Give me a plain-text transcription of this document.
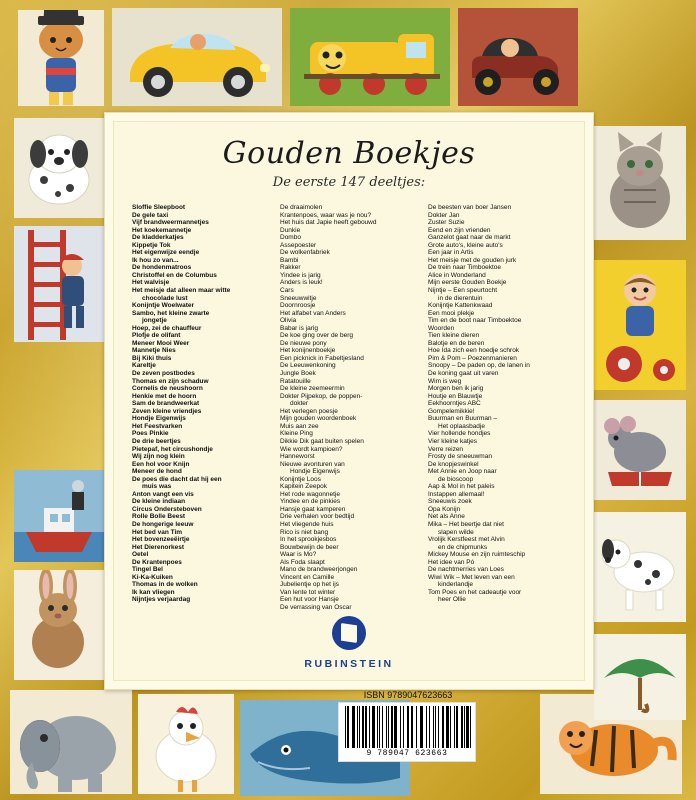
Gouden Boekjes
De eerste 147 deeltjes:
Sloffie Sleepboot
De gele taxi
Vijf brandweermannetjes
Het koekemannetje
De kladderkatjes
Kippetje Tok
Het eigenwijze eendje
Ik hou zo van...
De hondenmatroos
Christoffel en de Columbus
Het walvisje
Het meisje dat alleen maar witte
chocolade lust
Konijntje Woelwater
Sambo, het kleine zwarte
jongetje
Hoep, zei de chauffeur
Plofje de olifant
Meneer Mooi Weer
Mannetje Nies
Bij Kiki thuis
Kareltje
De zeven postbodes
Thomas en zijn schaduw
Cornelis de neushoorn
Henkie met de hoorn
Sam de brandweerkat
Zeven kleine vriendjes
Hondje Eigenwijs
Het Feestvarken
Poes Pinkie
De drie beertjes
Pietepaf, het circushondje
Wij zijn nog klein
Een hol voor Knijn
Meneer de hond
De poes die dacht dat hij een
muis was
Anton vangt een vis
De kleine indiaan
Circus Ondersteboven
Rolle Bolle Beest
De hongerige leeuw
Het bed van Tim
Het bovenzeeëirtje
Het Dierenorkest
Oetel
De Krantenpoes
Tingel Bel
Ki-Ka-Kuiken
Thomas in de wolken
Ik kan vliegen
Nijntjes verjaardag
De draaimolen
Krantenpoes, waar was je nou?
Het huis dat Japie heeft gebouwd
Dunkie
Dombo
Assepoester
De wolkenfabriek
Bambi
Rakker
Yindee is jarig
Anders is leuk!
Cars
Sneeuwwitje
Doornroosje
Het alfabet van Anders
Olivia
Babar is jarig
De koe ging over de berg
De nieuwe pony
Het konijnenboekje
Een picknick in Fabeltjesland
De Leeuwenkoning
Jungle Boek
Ratatouille
De kleine zeemeermin
Dokter Pijpekop, de poppen-
dokter
Het verlegen poesje
Mijn gouden woordenboek
Muis aan zee
Kleine Ping
Dikkie Dik gaat buiten spelen
Wie wordt kampioen?
Hanneworst
Nieuwe avonturen van
Hondje Eigenwijs
Konijntje Loos
Kapitein Zeepok
Het rode wagonnetje
Yindee en de pinkies
Hansje gaat kamperen
Drie verhalen voor bedtijd
Het vliegende huis
Rico is niet bang
In het sprookjesbos
Bouwbewijn de beer
Waar is Mo?
Als Foda slaapt
Mano de brandweerjongen
Vincent en Camille
Jubelientje op het ijs
Van lente tot winter
Een hut voor Hansje
De verrassing van Oscar
De beesten van boer Jansen
Dokter Jan
Zuster Suzie
Eend en zijn vrienden
Ganzelot gaat naar de markt
Grote auto's, kleine auto's
Een jaar in Artis
Het meisje met de gouden jurk
De trein naar Timboektoe
Alice in Wonderland
Mijn eerste Gouden Boekje
Nijntje – Een speurtocht
in de dierentuin
Konijntje Kattenkwaad
Een mooi plekje
Tim en de boot naar Timboektoe
Woorden
Tien kleine dieren
Balotje en de beren
Hoe Ida zich een hoedje schrok
Pim & Pom – Poezenmanieren
Snoopy – De paden op, de lanen in
De koning gaat uit varen
Wim is weg
Morgen ben ik jarig
Houtje en Blauwtje
Eekhoorntjes ABC
Gompelemikkie!
Buurman en Buurman –
Het oplaasbadje
Vier hollende hondjes
Vier kleine katjes
Verre reizen
Frosty de sneeuwman
De knopjeswinkel
Met Annie en Joop naar
de bioscoop
Aap & Mol in het paleis
Instappen allemaal!
Sneeuwis zoek
Opa Konijn
Net als Anne
Mika – Het beertje dat niet
slapen wilde
Vrolijk Kerstfeest met Alvin
en de chipmunks
Mickey Mouse en zijn ruimteschip
Het idee van Pó
De nachtmerries van Loes
Wiwi Wik – Met leven van een
kinderlandje
Tom Poes en het cadeautje voor
heer Ollie
RUBINSTEIN
ISBN 9789047623663
9 789047 623663
